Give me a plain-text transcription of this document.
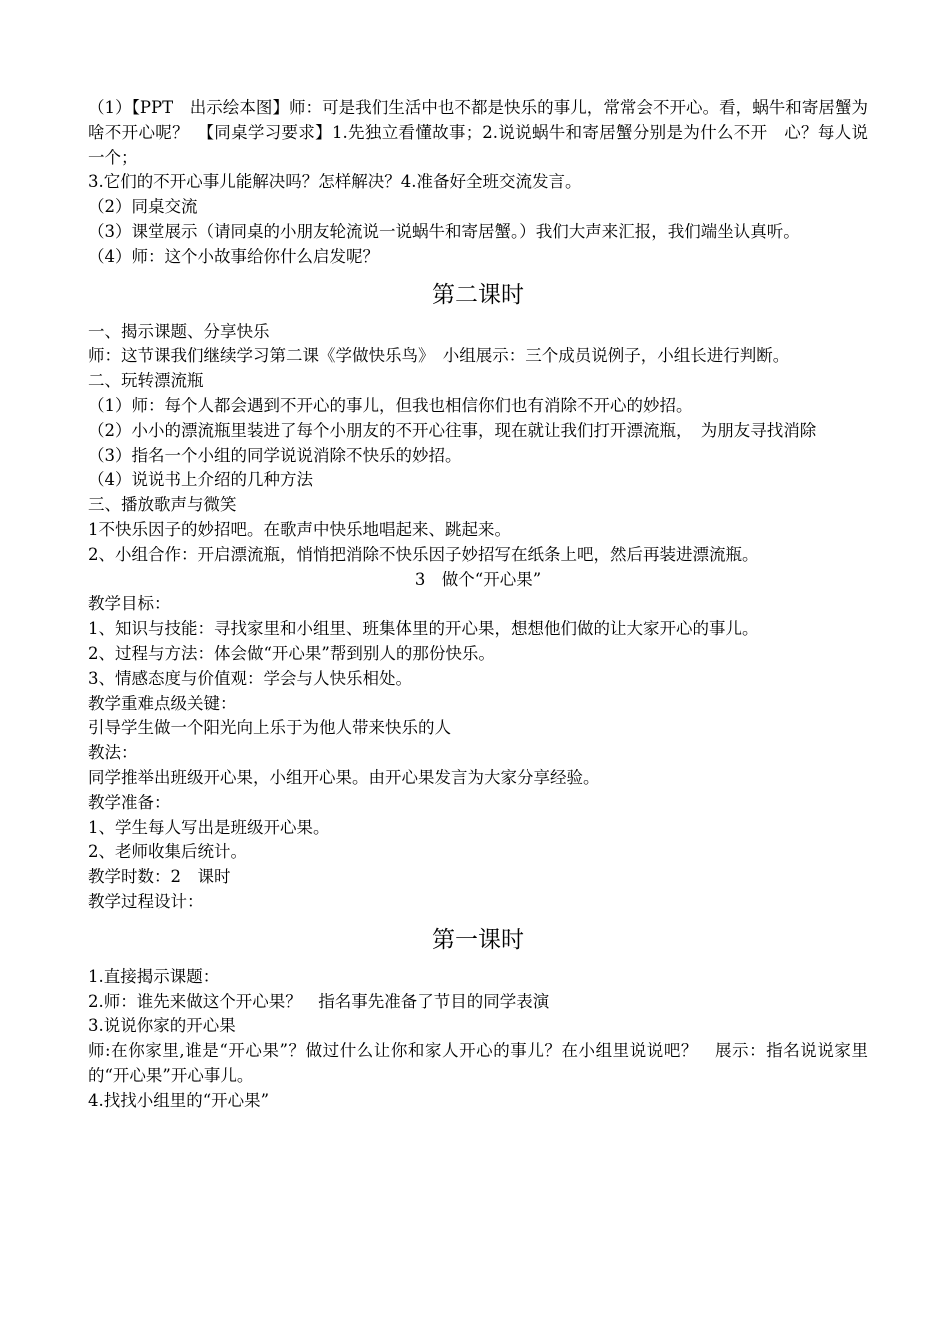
（1）【PPT　出示绘本图】师：可是我们生活中也不都是快乐的事儿，常常会不开心。看，蜗牛和寄居蟹为啥不开心呢？　【同桌学习要求】1.先独立看懂故事；2.说说蜗牛和寄居蟹分别是为什么不开　心？每人说一个；

3.它们的不开心事儿能解决吗？怎样解决？4.准备好全班交流发言。

（2）同桌交流

（3）课堂展示（请同桌的小朋友轮流说一说蜗牛和寄居蟹。）我们大声来汇报，我们端坐认真听。

（4）师：这个小故事给你什么启发呢？

第二课时

一、揭示课题、分享快乐

师：这节课我们继续学习第二课《学做快乐鸟》　小组展示：三个成员说例子，小组长进行判断。

二、玩转漂流瓶

（1）师：每个人都会遇到不开心的事儿，但我也相信你们也有消除不开心的妙招。

（2）小小的漂流瓶里装进了每个小朋友的不开心往事，现在就让我们打开漂流瓶，　为朋友寻找消除

（3）指名一个小组的同学说说消除不快乐的妙招。

（4）说说书上介绍的几种方法

三、播放歌声与微笑

1不快乐因子的妙招吧。在歌声中快乐地唱起来、跳起来。

2、小组合作：开启漂流瓶，悄悄把消除不快乐因子妙招写在纸条上吧，然后再装进漂流瓶。

3　做个“开心果”

教学目标：

1、知识与技能：寻找家里和小组里、班集体里的开心果，想想他们做的让大家开心的事儿。

2、过程与方法：体会做“开心果”帮到别人的那份快乐。

3、情感态度与价值观：学会与人快乐相处。

教学重难点级关键：

引导学生做一个阳光向上乐于为他人带来快乐的人

教法：

同学推举出班级开心果，小组开心果。由开心果发言为大家分享经验。

教学准备：

1、学生每人写出是班级开心果。

2、老师收集后统计。

教学时数：2　课时

教学过程设计：

第一课时

1.直接揭示课题：

2.师：谁先来做这个开心果？　指名事先准备了节目的同学表演

3.说说你家的开心果

师:在你家里,谁是“开心果”？做过什么让你和家人开心的事儿？在小组里说说吧？　展示：指名说说家里的“开心果”开心事儿。

4.找找小组里的“开心果”
